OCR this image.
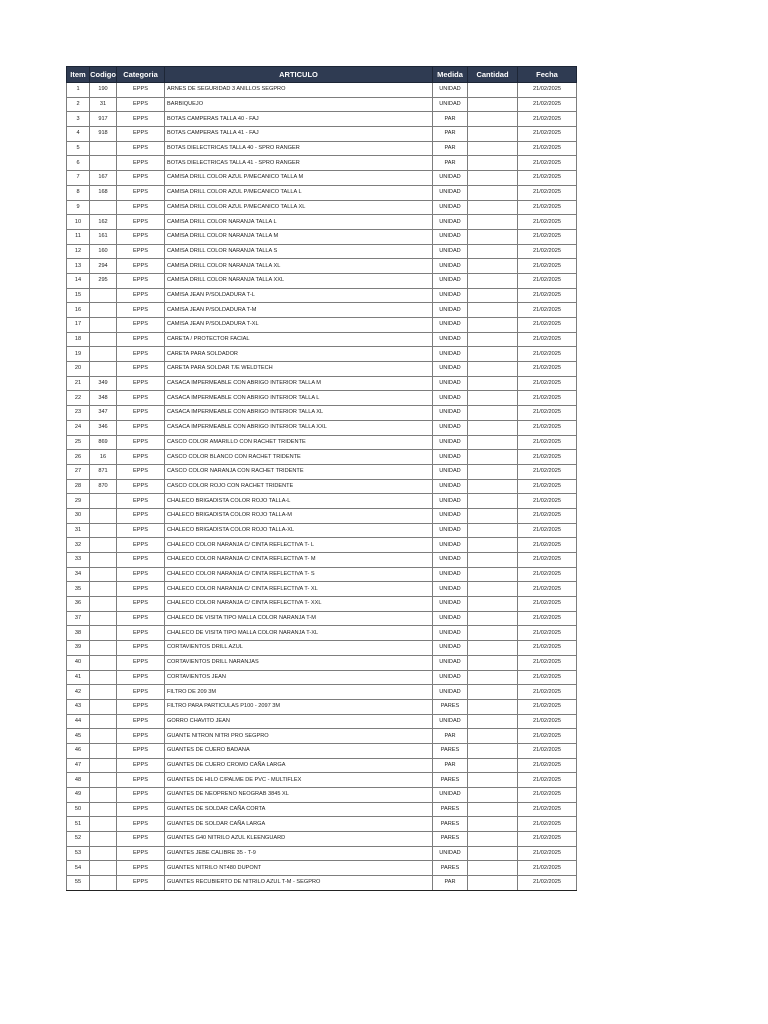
Item	Codigo	Categoria	ARTICULO	Medida	Cantidad	Fecha
1	190	EPPS	ARNES DE SEGURIDAD 3 ANILLOS SEGPRO	UNIDAD		21/02/2025
2	31	EPPS	BARBIQUEJO	UNIDAD		21/02/2025
3	917	EPPS	BOTAS CAMPERAS TALLA 40 - FAJ	PAR		21/02/2025
4	918	EPPS	BOTAS CAMPERAS TALLA 41 - FAJ	PAR		21/02/2025
5		EPPS	BOTAS DIELECTRICAS TALLA 40 - SPRO RANGER	PAR		21/02/2025
6		EPPS	BOTAS DIELECTRICAS TALLA 41 - SPRO RANGER	PAR		21/02/2025
7	167	EPPS	CAMISA DRILL COLOR AZUL P/MECANICO TALLA M	UNIDAD		21/02/2025
8	168	EPPS	CAMISA DRILL COLOR AZUL P/MECANICO TALLA L	UNIDAD		21/02/2025
9		EPPS	CAMISA DRILL COLOR AZUL P/MECANICO TALLA XL	UNIDAD		21/02/2025
10	162	EPPS	CAMISA DRILL COLOR NARANJA TALLA L	UNIDAD		21/02/2025
11	161	EPPS	CAMISA DRILL COLOR NARANJA TALLA M	UNIDAD		21/02/2025
12	160	EPPS	CAMISA DRILL COLOR NARANJA TALLA S	UNIDAD		21/02/2025
13	294	EPPS	CAMISA DRILL COLOR NARANJA TALLA XL	UNIDAD		21/02/2025
14	295	EPPS	CAMISA DRILL COLOR NARANJA TALLA XXL	UNIDAD		21/02/2025
15		EPPS	CAMISA JEAN P/SOLDADURA T-L	UNIDAD		21/02/2025
16		EPPS	CAMISA JEAN P/SOLDADURA T-M	UNIDAD		21/02/2025
17		EPPS	CAMISA JEAN P/SOLDADURA T-XL	UNIDAD		21/02/2025
18		EPPS	CARETA / PROTECTOR FACIAL	UNIDAD		21/02/2025
19		EPPS	CARETA PARA SOLDADOR	UNIDAD		21/02/2025
20		EPPS	CARETA PARA SOLDAR T/E WELDTECH	UNIDAD		21/02/2025
21	349	EPPS	CASACA IMPERMEABLE CON ABRIGO INTERIOR TALLA M	UNIDAD		21/02/2025
22	348	EPPS	CASACA IMPERMEABLE CON ABRIGO INTERIOR TALLA L	UNIDAD		21/02/2025
23	347	EPPS	CASACA IMPERMEABLE CON ABRIGO INTERIOR TALLA XL	UNIDAD		21/02/2025
24	346	EPPS	CASACA IMPERMEABLE CON ABRIGO INTERIOR TALLA XXL	UNIDAD		21/02/2025
25	869	EPPS	CASCO COLOR AMARILLO CON RACHET TRIDENTE	UNIDAD		21/02/2025
26	16	EPPS	CASCO COLOR BLANCO CON RACHET TRIDENTE	UNIDAD		21/02/2025
27	871	EPPS	CASCO COLOR NARANJA CON RACHET TRIDENTE	UNIDAD		21/02/2025
28	870	EPPS	CASCO COLOR ROJO CON RACHET TRIDENTE	UNIDAD		21/02/2025
29		EPPS	CHALECO BRIGADISTA COLOR ROJO TALLA-L	UNIDAD		21/02/2025
30		EPPS	CHALECO BRIGADISTA COLOR ROJO TALLA-M	UNIDAD		21/02/2025
31		EPPS	CHALECO BRIGADISTA COLOR ROJO TALLA-XL	UNIDAD		21/02/2025
32		EPPS	CHALECO COLOR NARANJA C/ CINTA REFLECTIVA T- L	UNIDAD		21/02/2025
33		EPPS	CHALECO COLOR NARANJA C/ CINTA REFLECTIVA T- M	UNIDAD		21/02/2025
34		EPPS	CHALECO COLOR NARANJA C/ CINTA REFLECTIVA T- S	UNIDAD		21/02/2025
35		EPPS	CHALECO COLOR NARANJA C/ CINTA REFLECTIVA T- XL	UNIDAD		21/02/2025
36		EPPS	CHALECO COLOR NARANJA C/ CINTA REFLECTIVA T- XXL	UNIDAD		21/02/2025
37		EPPS	CHALECO DE VISITA TIPO MALLA COLOR NARANJA T-M	UNIDAD		21/02/2025
38		EPPS	CHALECO DE VISITA TIPO MALLA COLOR NARANJA T-XL	UNIDAD		21/02/2025
39		EPPS	CORTAVIENTOS DRILL AZUL	UNIDAD		21/02/2025
40		EPPS	CORTAVIENTOS DRILL NARANJAS	UNIDAD		21/02/2025
41		EPPS	CORTAVIENTOS JEAN	UNIDAD		21/02/2025
42		EPPS	FILTRO DE 209 3M	UNIDAD		21/02/2025
43		EPPS	FILTRO PARA PARTICULAS P100 - 2097 3M	PARES		21/02/2025
44		EPPS	GORRO CHAVITO JEAN	UNIDAD		21/02/2025
45		EPPS	GUANTE NITRON NITRI PRO SEGPRO	PAR		21/02/2025
46		EPPS	GUANTES DE CUERO BADANA	PARES		21/02/2025
47		EPPS	GUANTES DE CUERO CROMO CAÑA LARGA	PAR		21/02/2025
48		EPPS	GUANTES DE HILO C/PALME DE PVC - MULTIFLEX	PARES		21/02/2025
49		EPPS	GUANTES DE NEOPRENO NEOGRAB 3845 XL	UNIDAD		21/02/2025
50		EPPS	GUANTES DE SOLDAR CAÑA CORTA	PARES		21/02/2025
51		EPPS	GUANTES DE SOLDAR CAÑA LARGA	PARES		21/02/2025
52		EPPS	GUANTES G40 NITRILO AZUL KLEENGUARD	PARES		21/02/2025
53		EPPS	GUANTES JEBE CALIBRE 35 - T-9	UNIDAD		21/02/2025
54		EPPS	GUANTES NITRILO NT480 DUPONT	PARES		21/02/2025
55		EPPS	GUANTES RECUBIERTO DE NITRILO AZUL T-M - SEGPRO	PAR		21/02/2025
